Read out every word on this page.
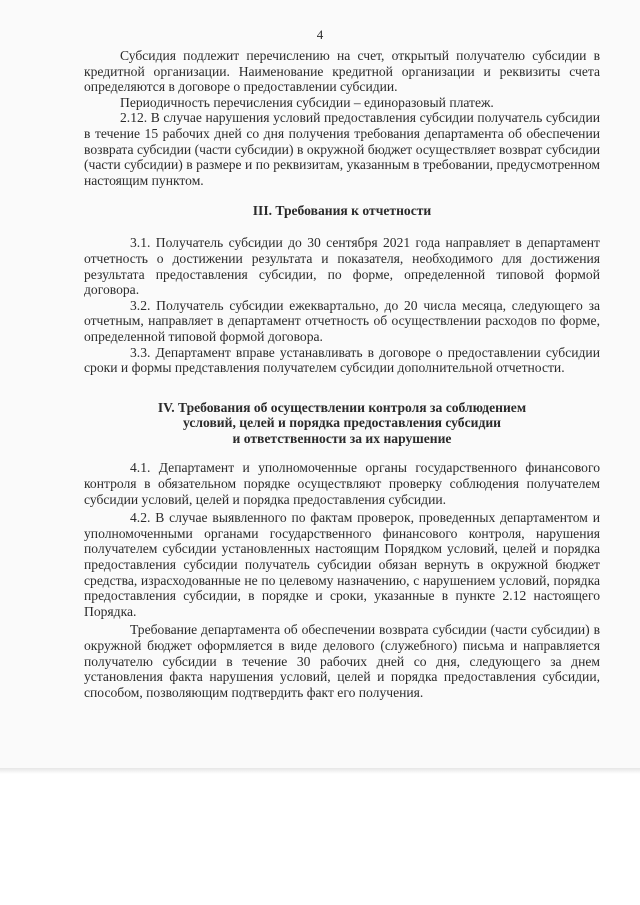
4

Субсидия подлежит перечислению на счет, открытый получателю субсидии в кредитной организации. Наименование кредитной организации и реквизиты счета определяются в договоре о предоставлении субсидии.

Периодичность перечисления субсидии – единоразовый платеж.

2.12. В случае нарушения условий предоставления субсидии получатель субсидии в течение 15 рабочих дней со дня получения требования департамента об обеспечении возврата субсидии (части субсидии) в окружной бюджет осуществляет возврат субсидии (части субсидии) в размере и по реквизитам, указанным в требовании, предусмотренном настоящим пунктом.

III. Требования к отчетности

3.1. Получатель субсидии до 30 сентября 2021 года направляет в департамент отчетность о достижении результата и показателя, необходимого для достижения результата предоставления субсидии, по форме, определенной типовой формой договора.

3.2. Получатель субсидии ежеквартально, до 20 числа месяца, следующего за отчетным, направляет в департамент отчетность об осуществлении расходов по форме, определенной типовой формой договора.

3.3. Департамент вправе устанавливать в договоре о предоставлении субсидии сроки и формы представления получателем субсидии дополнительной отчетности.

IV. Требования об осуществлении контроля за соблюдением
условий, целей и порядка предоставления субсидии
и ответственности за их нарушение

4.1. Департамент и уполномоченные органы государственного финансового контроля в обязательном порядке осуществляют проверку соблюдения получателем субсидии условий, целей и порядка предоставления субсидии.

4.2. В случае выявленного по фактам проверок, проведенных департаментом и уполномоченными органами государственного финансового контроля, нарушения получателем субсидии установленных настоящим Порядком условий, целей и порядка предоставления субсидии получатель субсидии обязан вернуть в окружной бюджет средства, израсходованные не по целевому назначению, с нарушением условий, порядка предоставления субсидии, в порядке и сроки, указанные в пункте 2.12 настоящего Порядка.

Требование департамента об обеспечении возврата субсидии (части субсидии) в окружной бюджет оформляется в виде делового (служебного) письма и направляется получателю субсидии в течение 30 рабочих дней со дня, следующего за днем установления факта нарушения условий, целей и порядка предоставления субсидии, способом, позволяющим подтвердить факт его получения.
